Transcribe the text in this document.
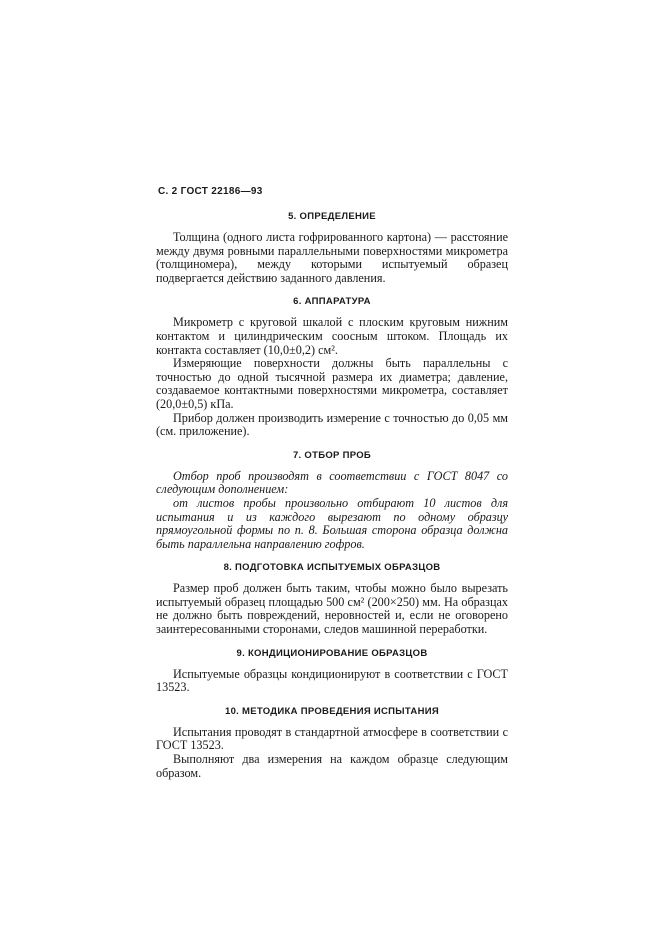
С. 2 ГОСТ 22186—93
5. ОПРЕДЕЛЕНИЕ

Толщина (одного листа гофрированного картона) — расстояние между двумя ровными параллельными поверхностями микрометра (толщиномера), между которыми испытуемый образец подвергается действию заданного давления.

6. АППАРАТУРА

Микрометр с круговой шкалой с плоским круговым нижним контактом и цилиндрическим соосным штоком. Площадь их контакта составляет (10,0±0,2) см².

Измеряющие поверхности должны быть параллельны с точностью до одной тысячной размера их диаметра; давление, создаваемое контактными поверхностями микрометра, составляет (20,0±0,5) кПа.

Прибор должен производить измерение с точностью до 0,05 мм (см. приложение).

7. ОТБОР ПРОБ

Отбор проб производят в соответствии с ГОСТ 8047 со следующим дополнением:

от листов пробы произвольно отбирают 10 листов для испытания и из каждого вырезают по одному образцу прямоугольной формы по п. 8. Большая сторона образца должна быть параллельна направлению гофров.

8. ПОДГОТОВКА ИСПЫТУЕМЫХ ОБРАЗЦОВ

Размер проб должен быть таким, чтобы можно было вырезать испытуемый образец площадью 500 см² (200×250) мм. На образцах не должно быть повреждений, неровностей и, если не оговорено заинтересованными сторонами, следов машинной переработки.

9. КОНДИЦИОНИРОВАНИЕ ОБРАЗЦОВ

Испытуемые образцы кондиционируют в соответствии с ГОСТ 13523.

10. МЕТОДИКА ПРОВЕДЕНИЯ ИСПЫТАНИЯ

Испытания проводят в стандартной атмосфере в соответствии с ГОСТ 13523.

Выполняют два измерения на каждом образце следующим образом.
